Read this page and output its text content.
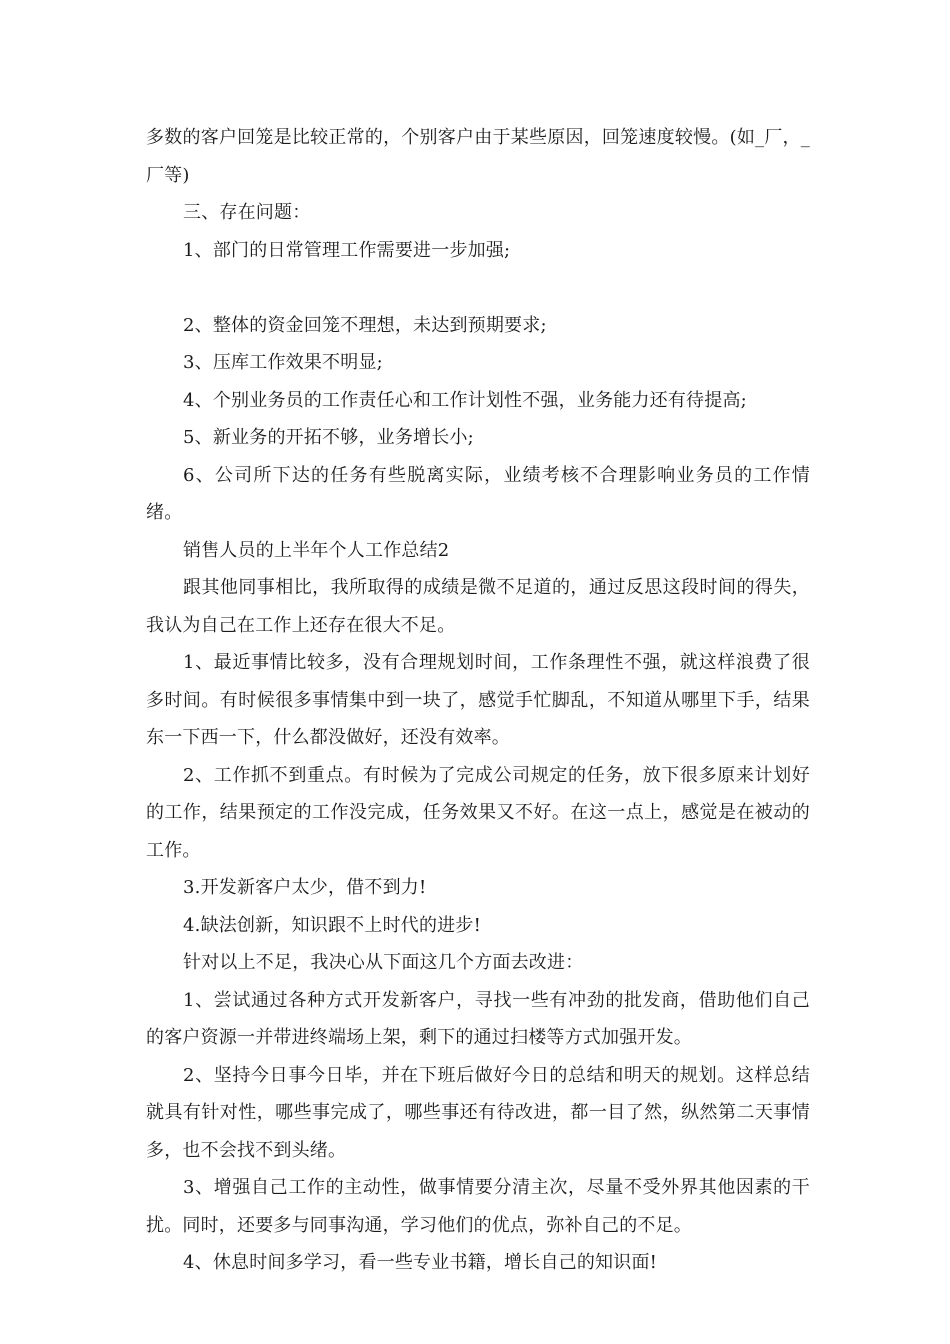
多数的客户回笼是比较正常的，个别客户由于某些原因，回笼速度较慢。(如_厂，_厂等)

三、存在问题：

1、部门的日常管理工作需要进一步加强;

2、整体的资金回笼不理想，未达到预期要求;

3、压库工作效果不明显;

4、个别业务员的工作责任心和工作计划性不强，业务能力还有待提高;

5、新业务的开拓不够，业务增长小;

6、公司所下达的任务有些脱离实际，业绩考核不合理影响业务员的工作情绪。

销售人员的上半年个人工作总结2

跟其他同事相比，我所取得的成绩是微不足道的，通过反思这段时间的得失，我认为自己在工作上还存在很大不足。

1、最近事情比较多，没有合理规划时间，工作条理性不强，就这样浪费了很多时间。有时候很多事情集中到一块了，感觉手忙脚乱，不知道从哪里下手，结果东一下西一下，什么都没做好，还没有效率。

2、工作抓不到重点。有时候为了完成公司规定的任务，放下很多原来计划好的工作，结果预定的工作没完成，任务效果又不好。在这一点上，感觉是在被动的工作。

3.开发新客户太少，借不到力!

4.缺法创新，知识跟不上时代的进步!

针对以上不足，我决心从下面这几个方面去改进：

1、尝试通过各种方式开发新客户，寻找一些有冲劲的批发商，借助他们自己的客户资源一并带进终端场上架，剩下的通过扫楼等方式加强开发。

2、坚持今日事今日毕，并在下班后做好今日的总结和明天的规划。这样总结就具有针对性，哪些事完成了，哪些事还有待改进，都一目了然，纵然第二天事情多，也不会找不到头绪。

3、增强自己工作的主动性，做事情要分清主次，尽量不受外界其他因素的干扰。同时，还要多与同事沟通，学习他们的优点，弥补自己的不足。

4、休息时间多学习，看一些专业书籍，增长自己的知识面!
